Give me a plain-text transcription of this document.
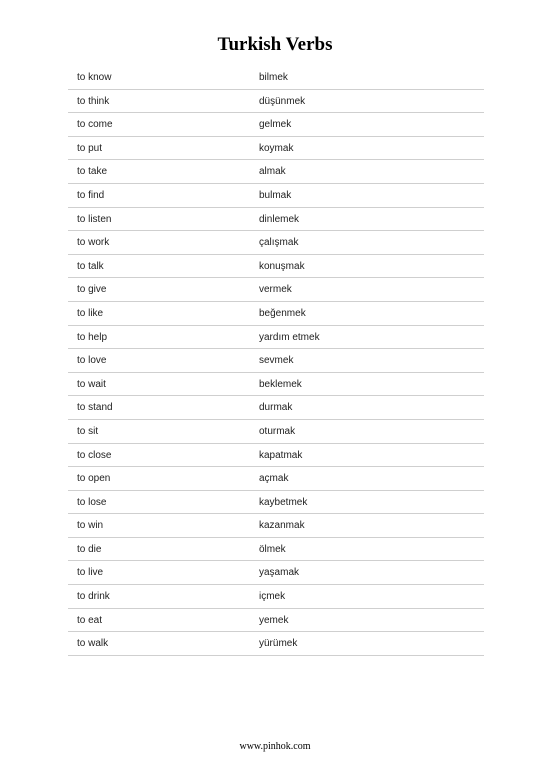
Turkish Verbs
to know	bilmek
to think	düşünmek
to come	gelmek
to put	koymak
to take	almak
to find	bulmak
to listen	dinlemek
to work	çalışmak
to talk	konuşmak
to give	vermek
to like	beğenmek
to help	yardım etmek
to love	sevmek
to wait	beklemek
to stand	durmak
to sit	oturmak
to close	kapatmak
to open	açmak
to lose	kaybetmek
to win	kazanmak
to die	ölmek
to live	yaşamak
to drink	içmek
to eat	yemek
to walk	yürümek
www.pinhok.com
